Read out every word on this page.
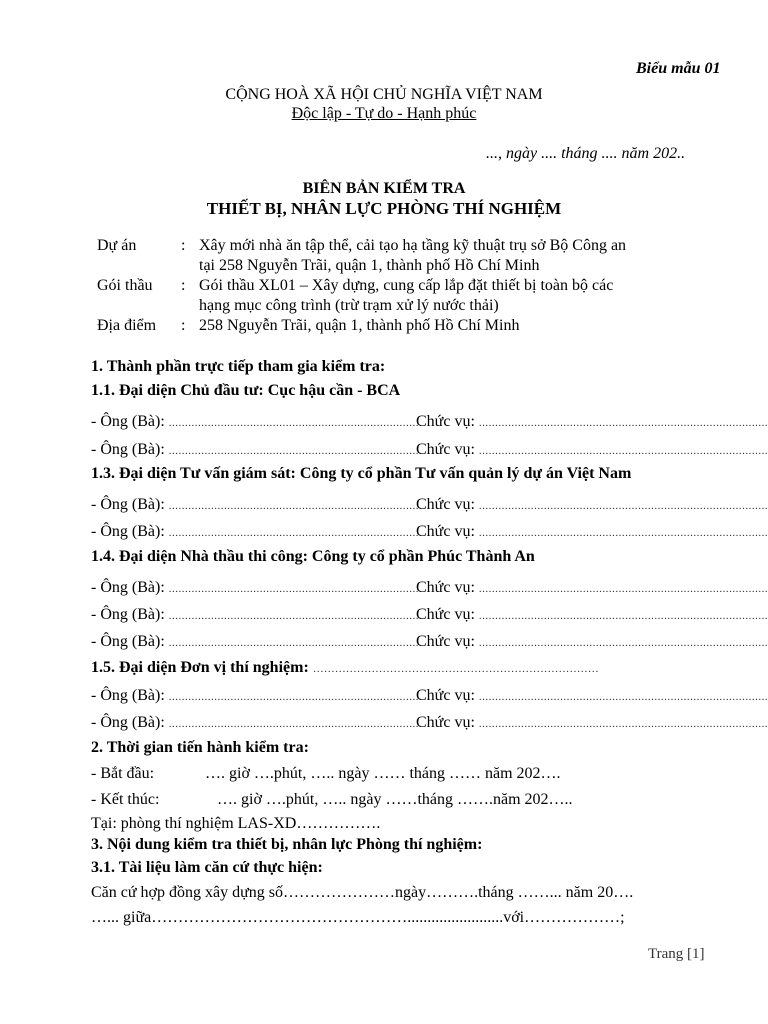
Biểu mẫu 01
CỘNG HOÀ XÃ HỘI CHỦ NGHĨA VIỆT NAM
Độc lập - Tự do - Hạnh phúc
..., ngày .... tháng .... năm 202..
BIÊN BẢN KIỂM TRA
THIẾT BỊ, NHÂN LỰC PHÒNG THÍ NGHIỆM
Dự án	: Xây mới nhà ăn tập thể, cải tạo hạ tầng kỹ thuật trụ sở Bộ Công an
tại 258 Nguyễn Trãi, quận 1, thành phố Hồ Chí Minh
Gói thầu : Gói thầu XL01 – Xây dựng, cung cấp lắp đặt thiết bị toàn bộ các
hạng mục công trình (trừ trạm xử lý nước thải)
Địa điểm : 258 Nguyễn Trãi, quận 1, thành phố Hồ Chí Minh
1. Thành phần trực tiếp tham gia kiểm tra:
1.1. Đại diện Chủ đầu tư: Cục hậu cần - BCA
- Ông (Bà): ..............................................................................
Chức vụ: .........................................................................................
- Ông (Bà): ..............................................................................
Chức vụ: .........................................................................................
1.3. Đại diện Tư vấn giám sát: Công ty cổ phần Tư vấn quản lý dự án Việt Nam
- Ông (Bà): ..............................................................................
Chức vụ: .........................................................................................
- Ông (Bà): ..............................................................................
Chức vụ: .........................................................................................
1.4. Đại diện Nhà thầu thi công: Công ty cổ phần Phúc Thành An
- Ông (Bà): ..............................................................................
Chức vụ: .........................................................................................
- Ông (Bà): ..............................................................................
Chức vụ: .........................................................................................
- Ông (Bà): ..............................................................................
Chức vụ: .........................................................................................
1.5. Đại diện Đơn vị thí nghiệm: ……………………………………………………………………
- Ông (Bà): ..............................................................................
Chức vụ: .........................................................................................
- Ông (Bà): ..............................................................................
Chức vụ: .........................................................................................
2. Thời gian tiến hành kiểm tra:
- Bắt đầu:	…. giờ ….phút, ….. ngày …… tháng …… năm 202….
- Kết thúc:	…. giờ ….phút, ….. ngày ……tháng …….năm 202…..
Tại: phòng thí nghiệm LAS-XD…………….
3. Nội dung kiểm tra thiết bị, nhân lực Phòng thí nghiệm:
3.1. Tài liệu làm căn cứ thực hiện:
Căn cứ hợp đồng xây dựng số…………………ngày……….tháng ……... năm 20….
…... giữa…………………………………………........................với………………;
Trang [1]
